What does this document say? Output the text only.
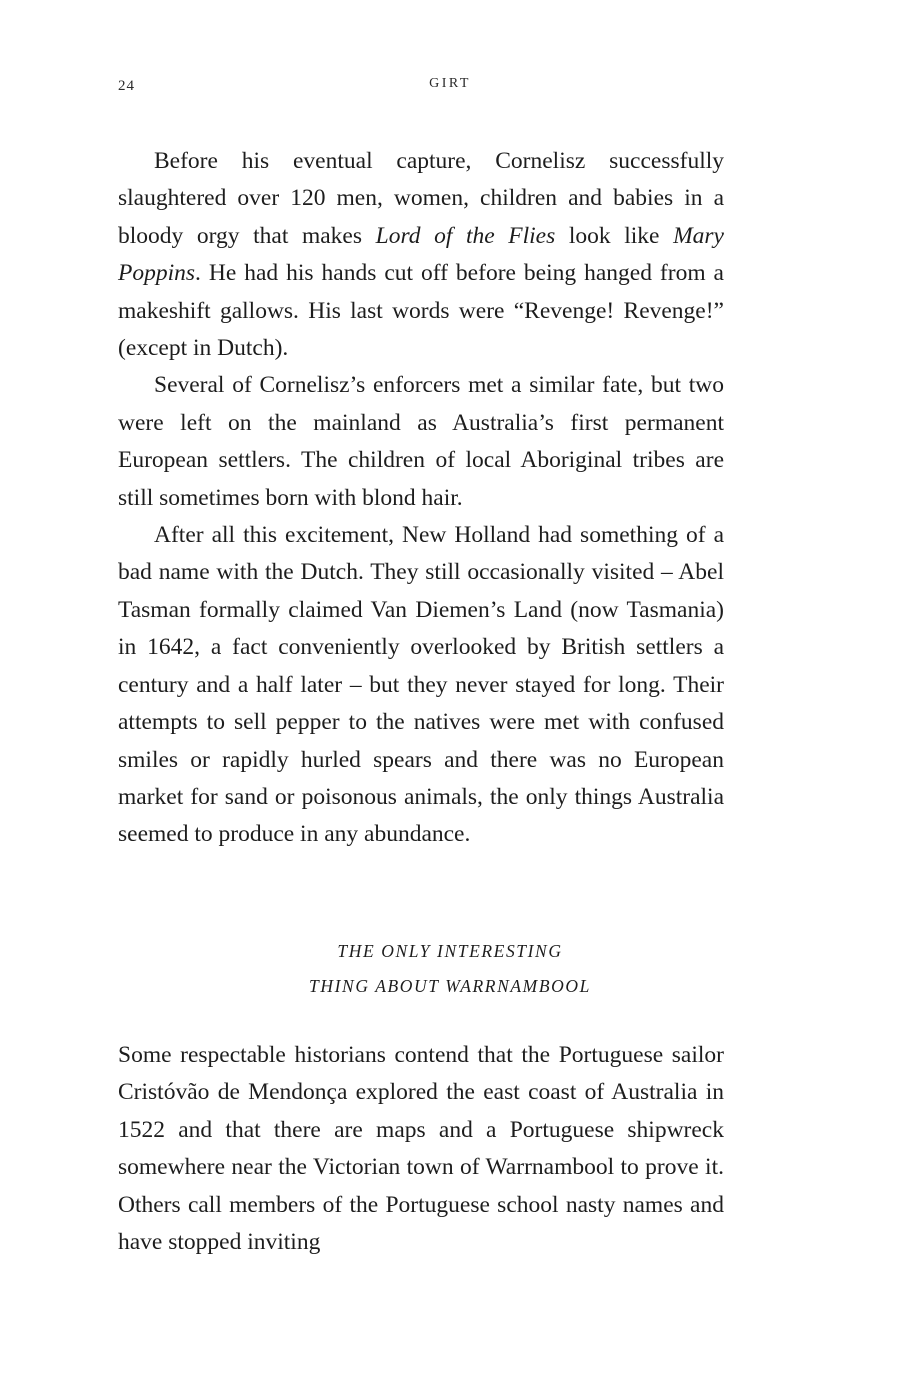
24	GIRT

Before his eventual capture, Cornelisz successfully slaughtered over 120 men, women, children and babies in a bloody orgy that makes Lord of the Flies look like Mary Poppins. He had his hands cut off before being hanged from a makeshift gallows. His last words were “Revenge! Revenge!” (except in Dutch).

Several of Cornelisz’s enforcers met a similar fate, but two were left on the mainland as Australia’s first permanent European settlers. The children of local Aboriginal tribes are still sometimes born with blond hair.

After all this excitement, New Holland had something of a bad name with the Dutch. They still occasionally visited – Abel Tasman formally claimed Van Diemen’s Land (now Tasmania) in 1642, a fact conveniently overlooked by British settlers a century and a half later – but they never stayed for long. Their attempts to sell pepper to the natives were met with confused smiles or rapidly hurled spears and there was no European market for sand or poisonous animals, the only things Australia seemed to produce in any abundance.

THE ONLY INTERESTING
THING ABOUT WARRNAMBOOL

Some respectable historians contend that the Portuguese sailor Cristóvão de Mendonça explored the east coast of Australia in 1522 and that there are maps and a Portuguese shipwreck somewhere near the Victorian town of Warrnambool to prove it. Others call members of the Portuguese school nasty names and have stopped inviting
